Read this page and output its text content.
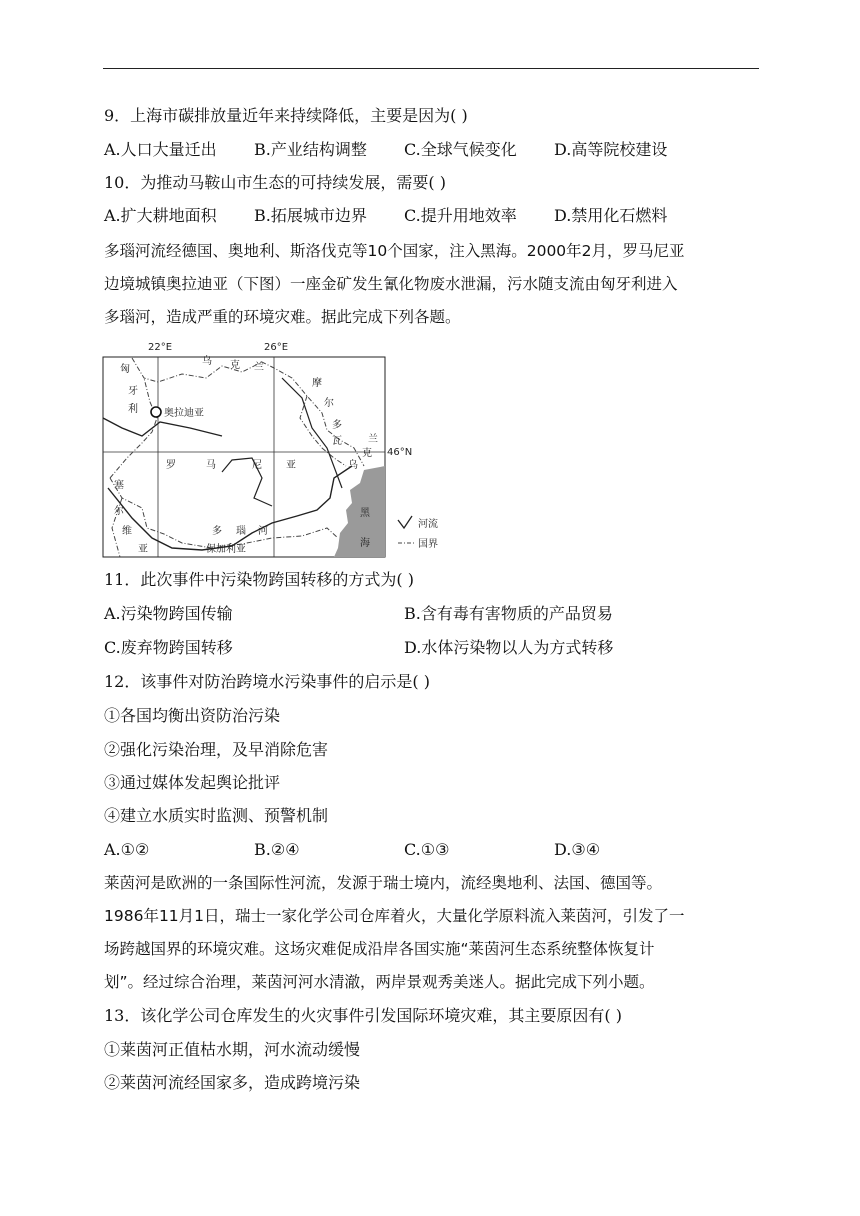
9．上海市碳排放量近年来持续降低，主要是因为( )
A.人口大量迁出 B.产业结构调整 C.全球气候变化 D.高等院校建设
10．为推动马鞍山市生态的可持续发展，需要( )
A.扩大耕地面积 B.拓展城市边界 C.提升用地效率 D.禁用化石燃料
多瑙河流经德国、奥地利、斯洛伐克等10个国家，注入黑海。2000年2月，罗马尼亚
边境城镇奥拉迪亚（下图）一座金矿发生氰化物废水泄漏，污水随支流由匈牙利进入
多瑙河，造成严重的环境灾难。据此完成下列各题。
22°E	26°E
46°N
奥拉迪亚
匈
牙
利
乌 克 兰
摩
尔
多
瓦	兰
克
乌
罗	马	尼 亚
塞
尔
维
亚
多 瑙 河
保加利亚
黑
海
河流
国界
11．此次事件中污染物跨国转移的方式为( )
A.污染物跨国传输	B.含有毒有害物质的产品贸易
C.废弃物跨国转移	D.水体污染物以人为方式转移
12．该事件对防治跨境水污染事件的启示是( )
①各国均衡出资防治污染
②强化污染治理，及早消除危害
③通过媒体发起舆论批评
④建立水质实时监测、预警机制
A.①②	B.②④	C.①③	D.③④
莱茵河是欧洲的一条国际性河流，发源于瑞士境内，流经奥地利、法国、德国等。
1986年11月1日，瑞士一家化学公司仓库着火，大量化学原料流入莱茵河，引发了一
场跨越国界的环境灾难。这场灾难促成沿岸各国实施“莱茵河生态系统整体恢复计
划”。经过综合治理，莱茵河河水清澈，两岸景观秀美迷人。据此完成下列小题。
13．该化学公司仓库发生的火灾事件引发国际环境灾难，其主要原因有( )
①莱茵河正值枯水期，河水流动缓慢
②莱茵河流经国家多，造成跨境污染
